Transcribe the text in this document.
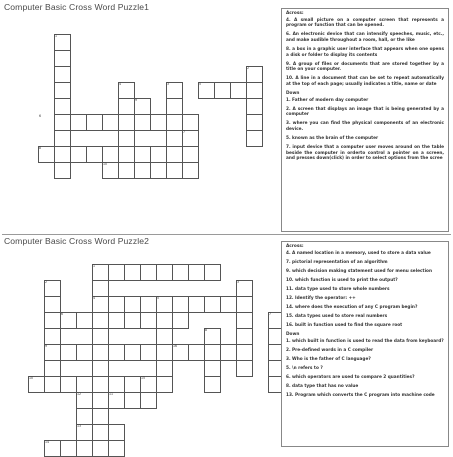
Computer Basic Cross Word Puzzle1
1
2
3
4	5
6
7
8
9
10
Across:
4. A small picture on a computer screen that represents a program or function that can be opened.
6. An electronic device that can intensify speeches, music, etc., and make audible throughout a room, hall, or the like
8. a box in a graphic user interface that appears when one opens a disk or folder to display its contents
9. A group of files or documents that are stored together by a title on your computer.
10. A line in a document that can be set to repeat automatically at the top of each page; usually indicates a title, name or date
Down
1. Father of modern day computer
2. A screen that displays an image that is being generated by a computer
3. where you can find the physical components of an electronic device.
5. known as the brain of the computer
7. input device that a computer user moves around on the table beside the computer in orderto control a pointer on a screen, and presses down(click) in order to select options from the scree
Computer Basic Cross Word Puzzle2
1
2	3
4	5
6	7
8
9
10
11
12
13
14
15
16
Across:
4. A named location in a memory, used to store a data value
7. pictorial representation of an algorithm
9. which decision making statement used for menu selection
10. which function is used to print the output?
11. data type used to store whole numbers
12. Identify the operator: ++
14. where does the execution of any C program begin?
15. data types used to store real numbers
16. built in function used to find the square root
Down
1. which built in function is used to read the data from keyboard?
2. Pre-defined words in a C compiler
3. Who is the father of C language?
5. \n refers to ?
6. which operators are used to compare 2 quantities?
8. data type that has no value
13. Program which converts the C program into machine code
